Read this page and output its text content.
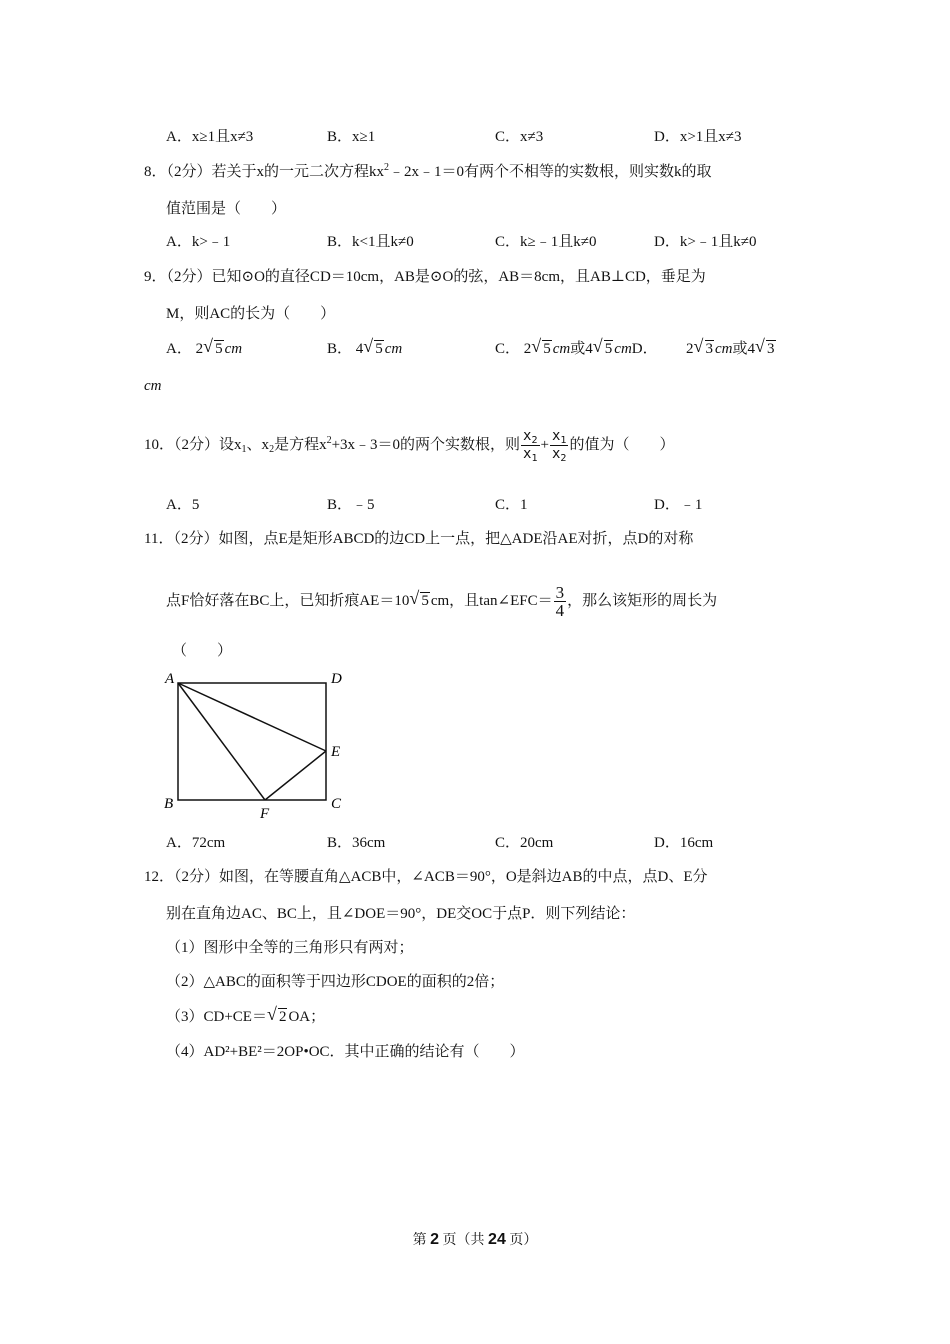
A．x≥1且x≠3	B．x≥1	C．x≠3	D．x>1且x≠3
8．（2分）若关于x的一元二次方程$kx^2﹣2x﹣1=0$有两个不相等的实数根，则实数k的取
值范围是（　　）
A．k>﹣1	B．k<1且k≠0	C．k≥﹣1且k≠0	D．k>﹣1且k≠0
9．（2分）已知⊙O的直径CD＝10cm，AB是⊙O的弦，AB＝8cm，且AB⊥CD，垂足为
M，则AC的长为（　　）
A． 2 √ 5 cm	B． 4 √ 5 cm	C． 2 √ 5 cm或4 √ 5 cmD． 2 √ 3 cm或4 √ 3
cm
10．（2分）设$x_1$、$x_2$是方程$x^2+3x﹣3=0$的两个实数根，则 $\frac{x_2}{x_1} + \frac{x_1}{x_2}$ 的值为（　　）
A．5	B．﹣5	C．1	D．﹣1
11．（2分）如图，点E是矩形ABCD的边CD上一点，把△ADE沿AE对折，点D的对称
点F恰好落在BC上，已知折痕AE＝10 √ 5 cm，且tan∠EFC＝ $\frac{3}{4}$ ，那么该矩形的周长为
（　　）
A	D
E
B
F
C
A．72cm	B．36cm	C．20cm	D．16cm
12．（2分）如图，在等腰直角△ACB中，∠ACB＝90°，O是斜边AB的中点，点D、E分
别在直角边AC、BC上，且∠DOE＝90°，DE交OC于点P．则下列结论：
（1）图形中全等的三角形只有两对；
（2）△ABC的面积等于四边形CDOE的面积的2倍；
（3）CD+CE＝ √ 2 OA；
（4）AD²+BE²＝2OP•OC．其中正确的结论有（　　）
第 2 页（共 24 页）
